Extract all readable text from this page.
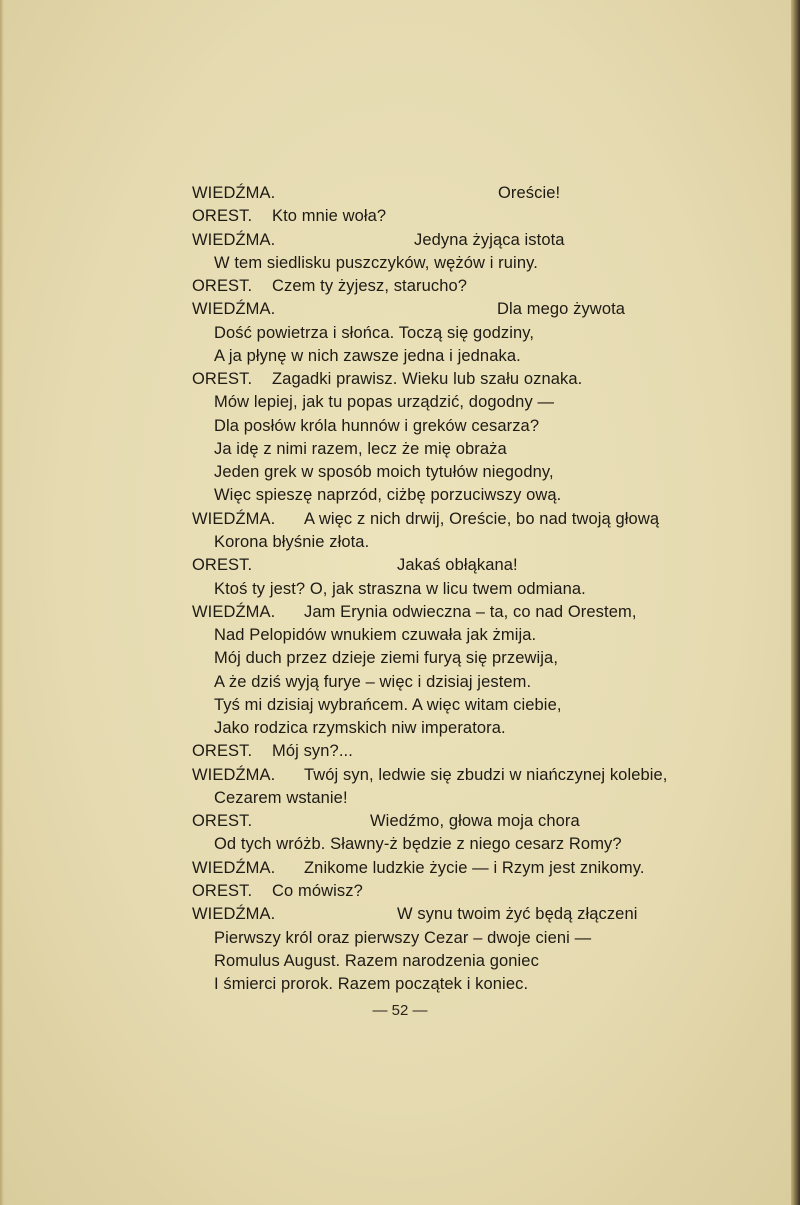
WIEDŹMA.	Oreście!
OREST. Kto mnie woła?
WIEDŹMA.	Jedyna żyjąca istota
W tem siedlisku puszczyków, wężów i ruiny.
OREST. Czem ty żyjesz, starucho?
WIEDŹMA.	Dla mego żywota
Dość powietrza i słońca. Toczą się godziny,
A ja płynę w nich zawsze jedna i jednaka.
OREST. Zagadki prawisz. Wieku lub szału oznaka.
Mów lepiej, jak tu popas urządzić, dogodny —
Dla posłów króla hunnów i greków cesarza?
Ja idę z nimi razem, lecz że mię obraża
Jeden grek w sposób moich tytułów niegodny,
Więc spieszę naprzód, ciżbę porzuciwszy ową.
WIEDŹMA. A więc z nich drwij, Oreście, bo nad twoją głową
Korona błyśnie złota.
OREST.	Jakaś obłąkana!
Ktoś ty jest? O, jak straszna w licu twem odmiana.
WIEDŹMA. Jam Erynia odwieczna – ta, co nad Orestem,
Nad Pelopidów wnukiem czuwała jak żmija.
Mój duch przez dzieje ziemi furyą się przewija,
A że dziś wyją furye – więc i dzisiaj jestem.
Tyś mi dzisiaj wybrańcem. A więc witam ciebie,
Jako rodzica rzymskich niw imperatora.
OREST. Mój syn?...
WIEDŹMA. Twój syn, ledwie się zbudzi w niańczynej kolebie,
Cezarem wstanie!
OREST.	Wiedźmo, głowa moja chora
Od tych wróżb. Sławny-ż będzie z niego cesarz Romy?
WIEDŹMA. Znikome ludzkie życie — i Rzym jest znikomy.
OREST. Co mówisz?
WIEDŹMA.	W synu twoim żyć będą złączeni
Pierwszy król oraz pierwszy Cezar – dwoje cieni —
Romulus August. Razem narodzenia goniec
I śmierci prorok. Razem początek i koniec.
— 52 —
